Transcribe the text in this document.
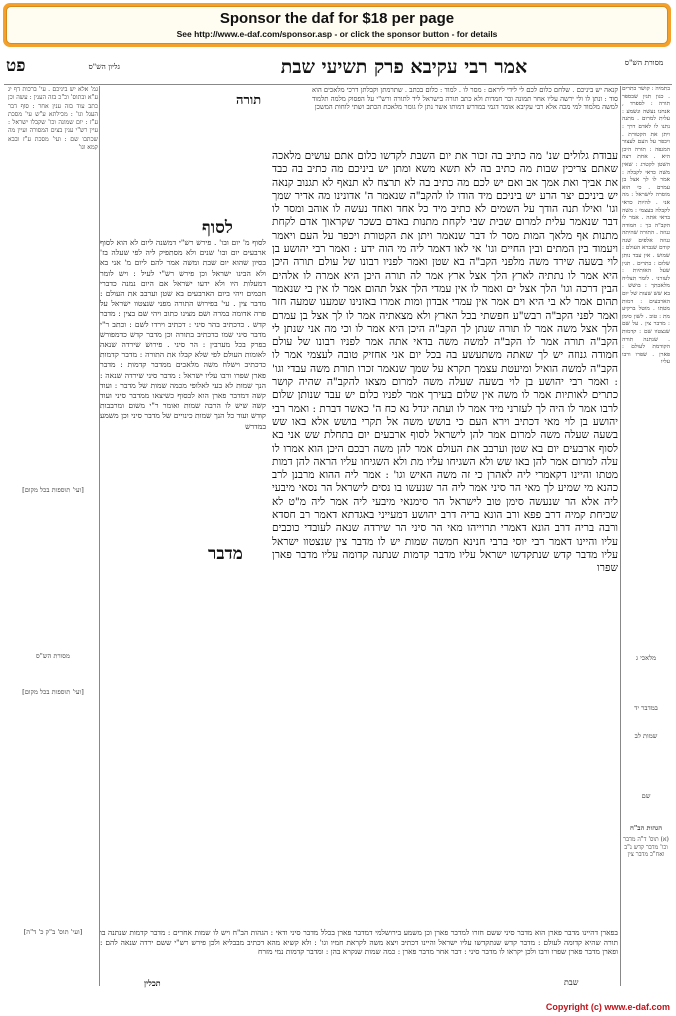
Sponsor the daf for $18 per page
See http://www.e-daf.com/sponsor.asp - or click the sponsor button - for details
פט	גליון הש"ס	אמר רבי עקיבא פרק תשיעי שבת	מסורת הש"ס
קנאה יש ביניכם . שלחם כלום לכם לי לידי ליראם : מסר לו . למוד : כלום בכתב . שתרמתן וקבלתן דרכי מלאכים הוא סוד : ונתן לו ולי ירשה עליו אחר תמונה ובר חמדות ולא כתב תורה בישראל ליד לתורה ורש"י על הפסוק מלמה תלמוד למשה מלמוד למי מכה אלא רבי עקיבא אומר דגמי במדרש דמותו אשר נתן לו גומר מלאכת הכתב ושתי לוחות המשכן
גמ' אלא יש ביניכם . עי' ברכות דף יג ע"א ובתוס' וכ"כ בזה הענין : עשה וכן כתב עוד בזה ענין אחר : סוף דבר העגל וגו' : מכילתא ע"ש עי' מסכת ע"ז : יום שמונה וכו' שקבלו ישראל : עיין רש"י ענין בצים המסורה ועיין מה שכתבו שם : ועי' מסכת ע"ז ובבא קמא וגו'
תורה
לסוף
מדבר
עבודת גלולים שנ' מה כתיב בה זכור את יום השבת לקדשו כלום אתם עושים מלאכה שאתם צריכין שבות מה כתיב בה לא תשא משא ומתן יש ביניכם מה כתיב בה כבד את אביך ואת אמך אב ואם יש לכם מה כתיב בה לא תרצח לא תנאף לא תגנוב קנאה יש ביניכם יצר הרע יש ביניכם מיד הודו לו להקב"ה שנאמר ה' אדונינו מה אדיר שמך וגו' ואילו תנה הודך על השמים לא כתיב מיד כל אחד ואחד נעשה לו אוהב ומסר לו דבר שנאמר עלית למרום שבית שבי לקחת מתנות באדם בשכר שקראוך אדם לקחת מתנות אף מלאך המות מסר לו דבר שנאמר ויתן את הקטורת ויכפר על העם ויאמר ויעמוד בין המתים ובין החיים וגו' אי לאו דאמר ליה מי הוה ידע : ואמר רבי יהושע בן לוי בשעה שירד משה מלפני הקב"ה בא שטן ואמר לפניו רבונו של עולם תורה היכן היא אמר לו נתתיה לארץ הלך אצל ארץ אמר לה תורה היכן היא אמרה לו אלהים הבין דרכה וגו' הלך אצל ים ואמר לו אין עמדי הלך אצל תהום אמר לו אין בי שנאמר תהום אמר לא בי היא וים אמר אין עמדי אבדון ומות אמרו באזנינו שמענו שמעה חזר ואמר לפני הקב"ה רבש"ע חפשתי בכל הארץ ולא מצאתיה אמר לו לך אצל בן עמרם הלך אצל משה אמר לו תורה שנתן לך הקב"ה היכן היא אמר לו וכי מה אני שנתן לי הקב"ה תורה אמר לו הקב"ה למשה משה בדאי אתה אמר לפניו רבונו של עולם חמודה גנוזה יש לך שאתה משתעשע בה בכל יום אני אחזיק טובה לעצמי אמר לו הקב"ה למשה הואיל ומיעטת עצמך תקרא על שמך שנאמר זכרו תורת משה עבדי וגו' : ואמר רבי יהושע בן לוי בשעה שעלה משה למרום מצאו להקב"ה שהיה קושר כתרים לאותיות אמר לו משה אין שלום בעירך אמר לפניו כלום יש עבד שנותן שלום לרבו אמר לו היה לך לעזרני מיד אמר לו ועתה יגדל נא כח ה' כאשר דברת : ואמר רבי יהושע בן לוי מאי דכתיב וירא העם כי בושש משה אל תקרי בושש אלא באו שש בשעה שעלה משה למרום אמר להן לישראל לסוף ארבעים יום בתחלת שש אני בא לסוף ארבעים יום בא שטן וערבב את העולם אמר להן משה רבכם היכן הוא אמרו לו עלה למרום אמר להן באו שש ולא השגיחו עליו מת ולא השגיחו עליו הראה להן דמות מטתו והיינו דקאמרי ליה לאהרן כי זה משה האיש וגו' : אמר ליה ההוא מרבנן לרב כהנא מי שמיע לך מאי הר סיני אמר ליה הר שנעשו בו נסים לישראל הר נסאי מיבעי ליה אלא הר שנעשה סימן טוב לישראל הר סימנאי מיבעי ליה אמר ליה מ"ט לא שכיחת קמיה דרב פפא ורב הונא בריה דרב יהושע דמעייני באגדתא דאמר רב חסדא ורבה בריה דרב הונא דאמרי תרוייהו מאי הר סיני הר שירדה שנאה לעובדי כוכבים עליו והיינו דאמר רבי יוסי ברבי חנינא חמשה שמות יש לו מדבר צין שנצטוו ישראל עליו מדבר קדש שנתקדשו ישראל עליו מדבר קדמות שנתנה קדומה עליו מדבר פארן שפרו
לסוף מ' יום ובו' . פירש רש"י דמשנה ליום לא הוא לסוף ארבעים יום ובו' שנים ולא מסתפיק ליה לפי שעלה בז' בסיון שהוא יום שבת ומשה אמר להם ליום מ' אני בא ולא הבינו ישראל וכן פירש רש"י לעיל : ויש לומר דמעלות היו ולא ידעו ישראל אם היום נמנה כדברי חכמים ויהי ביום הארבעים בא שטן וערבב את העולם : מדבר צין . עי' בפירוש התורה מפני שנצטוו ישראל על פרה אדומה במרה ושם מצינו כתוב ויהי שם בצין : מדבר קדש . כדכתיב בהר סיני : דכתיב וירדו לשם : וכתב ר"י מדבר סיני שמו כדכתיב בתורה וכן מדבר קדש כדמפורש בפרק בכל מערבין : הר סיני . פירוש שירדה שנאה לאומות העולם לפי שלא קבלו את התורה : מדבר קדמות כדכתיב וישלח משה מלאכים ממדבר קדמות : מדבר פארן שפרו ורבו עליו ישראל : מדבר סיני שירדה שנאה : הנך שמות לא בעי לאלופי מכמה שמות של מדבר : ועוד קשה דמדבר פארן הוא לבסוף כשיצאו ממדבר סיני ועוד קשה שיש לו הרבה שמות ואומר ר"י משום ומרבבות קודש ועוד כל הנך שמות כינויים של מדבר סיני וכן משמע במדרש
בפארן דהיינו מדבר פארן הוא מדבר סיני ששם חזרו למדבר פארן וכן משמע בירושלמי דמדבר פארן בכלל מדבר סיני ודאי : הגהות הב"ח ויש לו שמות אחרים : מדבר קדמות שנתנה בו תורה שהיא קדומה לעולם : מדבר קדש שנתקדשו עליו ישראל והיינו דכתיב ויצא משה לקראת חמיו וגו' : ולא קשיא מהא דכתיב מבבליא ולכן פירש רש"י ששם ירדה שנאה להם : ופארן מדבר פארן שפרו ורבו ולכן יקראו לו מדבר סיני : דבר אחר מדבר פארן : כמה שמות שנקרא בהן : ומדבר קדמות נמי מזרח
[ועי' תוספות בכל מקום]
מסורת הש"ס
[ועי' תוספות בכל מקום]
[ועי' תוס' ב"ק כ' ד"ה]
מלאכי ג
במדבר יד
שמות לב
שם
הגהות הב"ח
(א) תוס' ד"ה מדבר וכו' מדבר קדש נ"ב ואח"כ מדבר צין
בתמיה : קושר כתרים . כגון תגין שבספר תורה : לספרד , אנחנו נעשה ונשמע : עלית למרום . מתנה נתנו לו לאדם דרך : ויתן את הקטורת . ויכפר על העם לעצור המגפה : תורה היכן היא . אחת רצה השטן לקטרג : שאין משה כדאי לקבלה : אמר לו לך אצל בן עמרם . כי הוא מוסרה לישראל : מה אני . להיות כדאי לקבלה בעצמי : משה בדאי אתה . אמר לו הקב"ה כך : חמודה גנוזה . התורה שהיתה גנוזה אלפים שנה קודם שנברא העולם : שמוש . אין עבד נותן שלום : כתרים . תגין שעל האותיות : לעזרני . לומר תצליח מלאכתך : בושש . בא שש שעות של יום הארבעים : דמות מטתו . מוטל ברקיע מת : טוב . לשון סימן : מדבר צין . על שם שנצטוו שם : קדמות . שנתנה תורה הקודמת לעולם : פארן . שפרו ורבו עליו
תכלין	שבת
Copyright (c) www.e-daf.com
